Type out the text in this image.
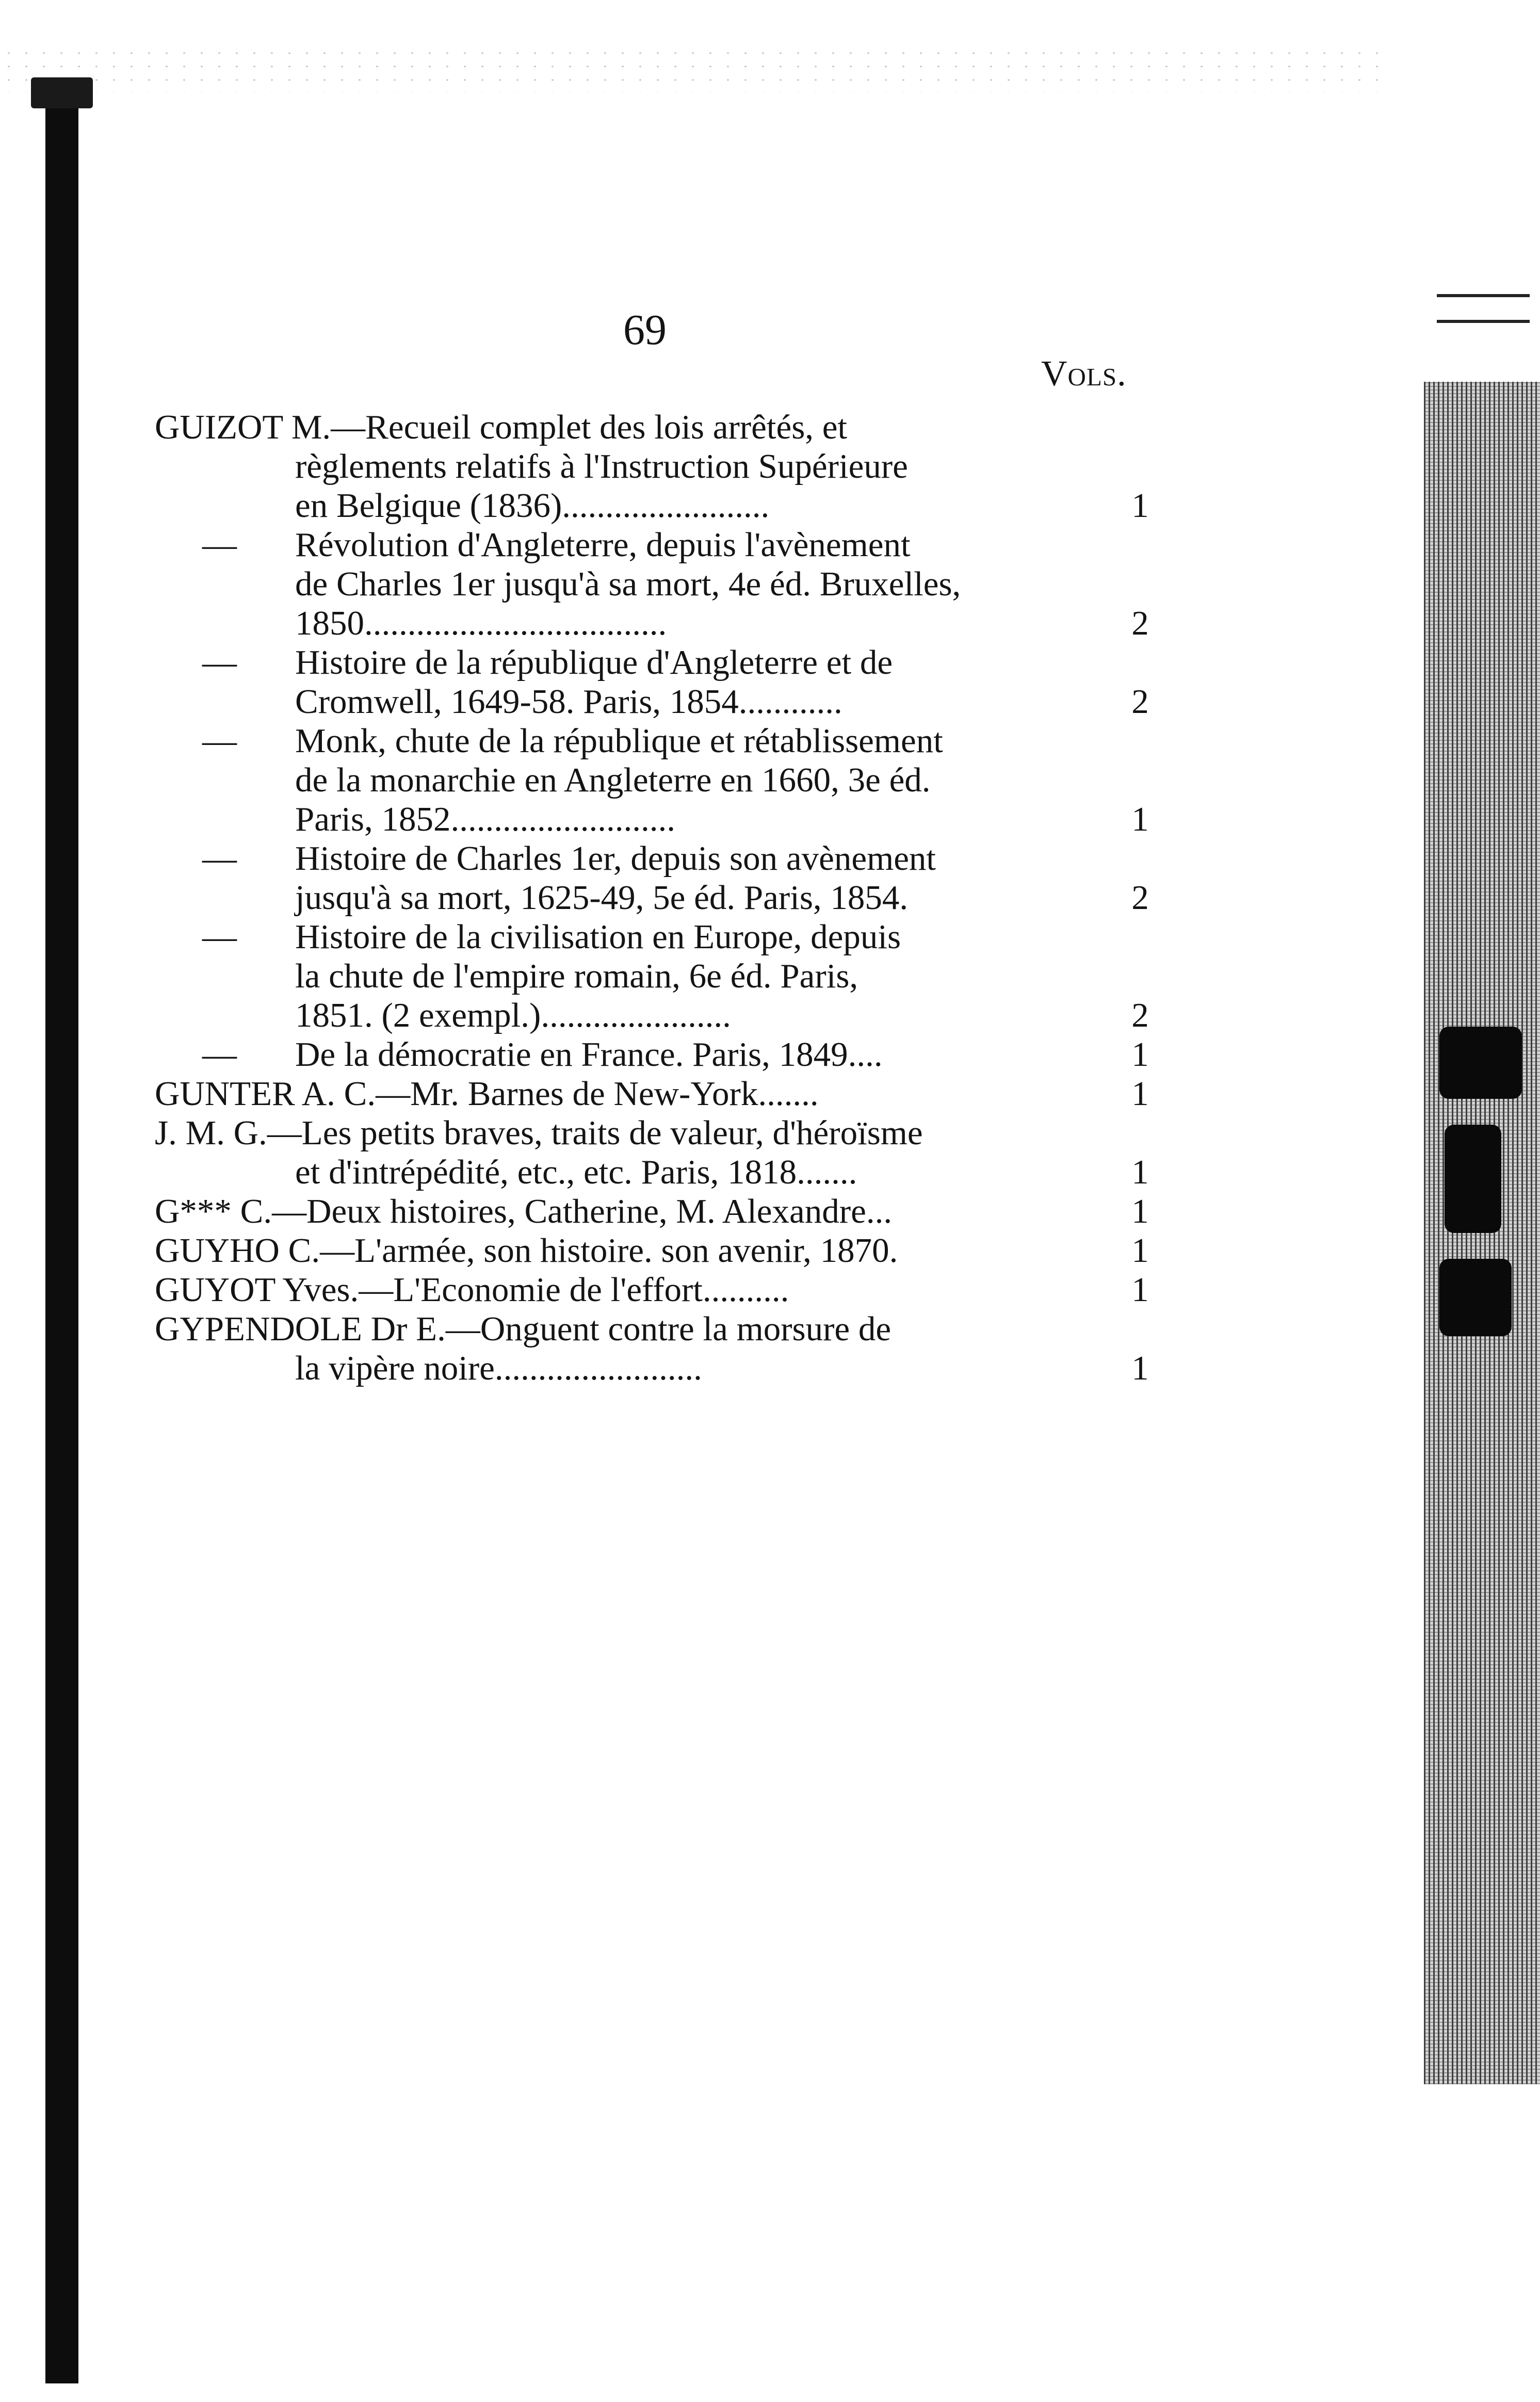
69
Vols.
GUIZOT M.—Recueil complet des lois arrêtés, et
règlements relatifs à l'Instruction Supérieure
en Belgique (1836)........................	1
— Révolution d'Angleterre, depuis l'avènement
de Charles 1er jusqu'à sa mort, 4e éd. Bruxelles,
1850...................................	2
— Histoire de la république d'Angleterre et de
Cromwell, 1649-58. Paris, 1854............	2
— Monk, chute de la république et rétablissement
de la monarchie en Angleterre en 1660, 3e éd.
Paris, 1852..........................	1
— Histoire de Charles 1er, depuis son avènement
jusqu'à sa mort, 1625-49, 5e éd. Paris, 1854.	2
— Histoire de la civilisation en Europe, depuis
la chute de l'empire romain, 6e éd. Paris,
1851. (2 exempl.)......................	2
— De la démocratie en France. Paris, 1849....	1
GUNTER A. C.—Mr. Barnes de New-York.......	1
J. M. G.—Les petits braves, traits de valeur, d'héroïsme
et d'intrépédité, etc., etc. Paris, 1818.......	1
G*** C.—Deux histoires, Catherine, M. Alexandre...	1
GUYHO C.—L'armée, son histoire. son avenir, 1870.	1
GUYOT Yves.—L'Economie de l'effort..........	1
GYPENDOLE Dr E.—Onguent contre la morsure de
la vipère noire........................	1
